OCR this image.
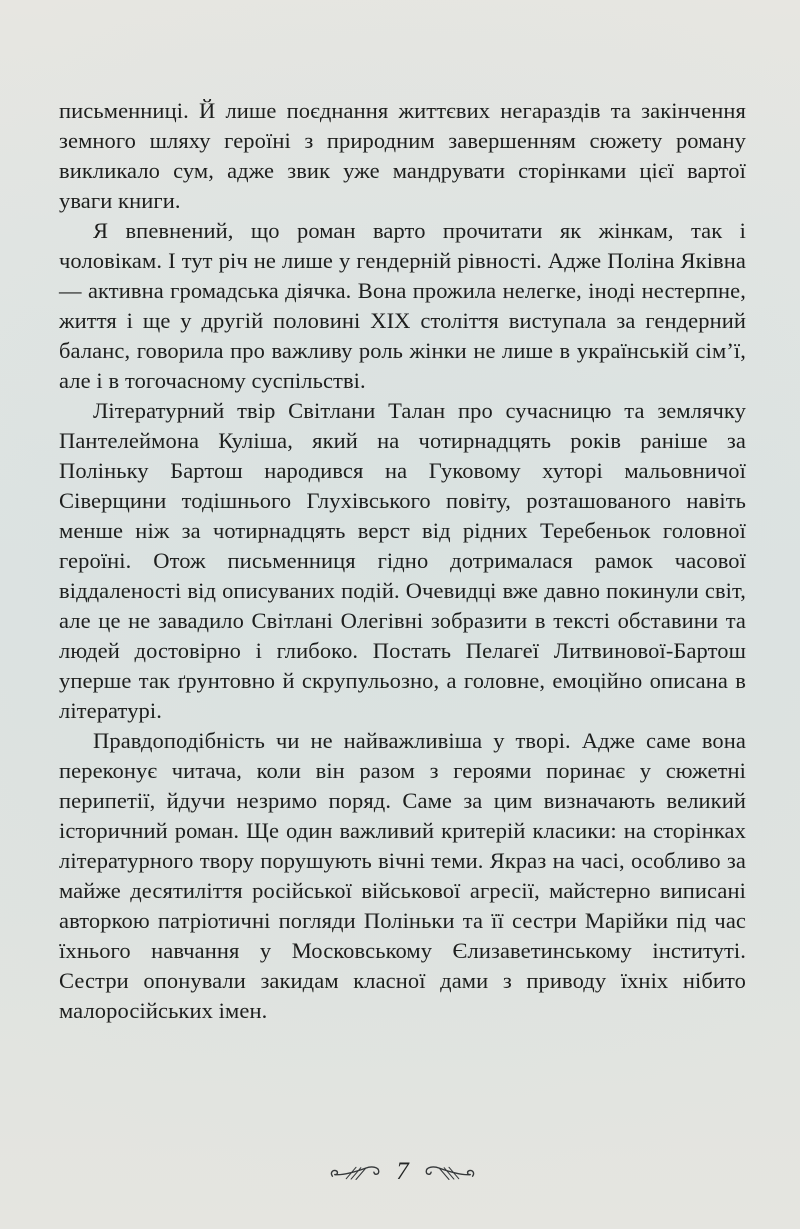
письменниці. Й лише поєднання життєвих негараздів та закінчення земного шляху героїні з природним завершенням сюжету роману викликало сум, адже звик уже мандрувати сторінками цієї вартої уваги книги.

Я впевнений, що роман варто прочитати як жінкам, так і чоловікам. І тут річ не лише у гендерній рівності. Адже Поліна Яківна — активна громадська діячка. Вона прожила нелегке, іноді нестерпне, життя і ще у другій половині XIX століття виступала за гендерний баланс, говорила про важливу роль жінки не лише в українській сім’ї, але і в тогочасному суспільстві.

Літературний твір Світлани Талан про сучасницю та землячку Пантелеймона Куліша, який на чотирнадцять років раніше за Поліньку Бартош народився на Гуковому хуторі мальовничої Сіверщини тодішнього Глухівського повіту, розташованого навіть менше ніж за чотирнадцять верст від рідних Теребеньок головної героїні. Отож письменниця гідно дотрималася рамок часової віддаленості від описуваних подій. Очевидці вже давно покинули світ, але це не завадило Світлані Олегівні зобразити в тексті обставини та людей достовірно і глибоко. Постать Пелагеї Литвинової-Бартош уперше так ґрунтовно й скрупульозно, а головне, емоційно описана в літературі.

Правдоподібність чи не найважливіша у творі. Адже саме вона переконує читача, коли він разом з героями поринає у сюжетні перипетії, йдучи незримо поряд. Саме за цим визначають великий історичний роман. Ще один важливий критерій класики: на сторінках літературного твору порушують вічні теми. Якраз на часі, особливо за майже десятиліття російської військової агресії, майстерно виписані авторкою патріотичні погляди Поліньки та її сестри Марійки під час їхнього навчання у Московському Єлизаветинському інституті. Сестри опонували закидам класної дами з приводу їхніх нібито малоросійських імен.

7
